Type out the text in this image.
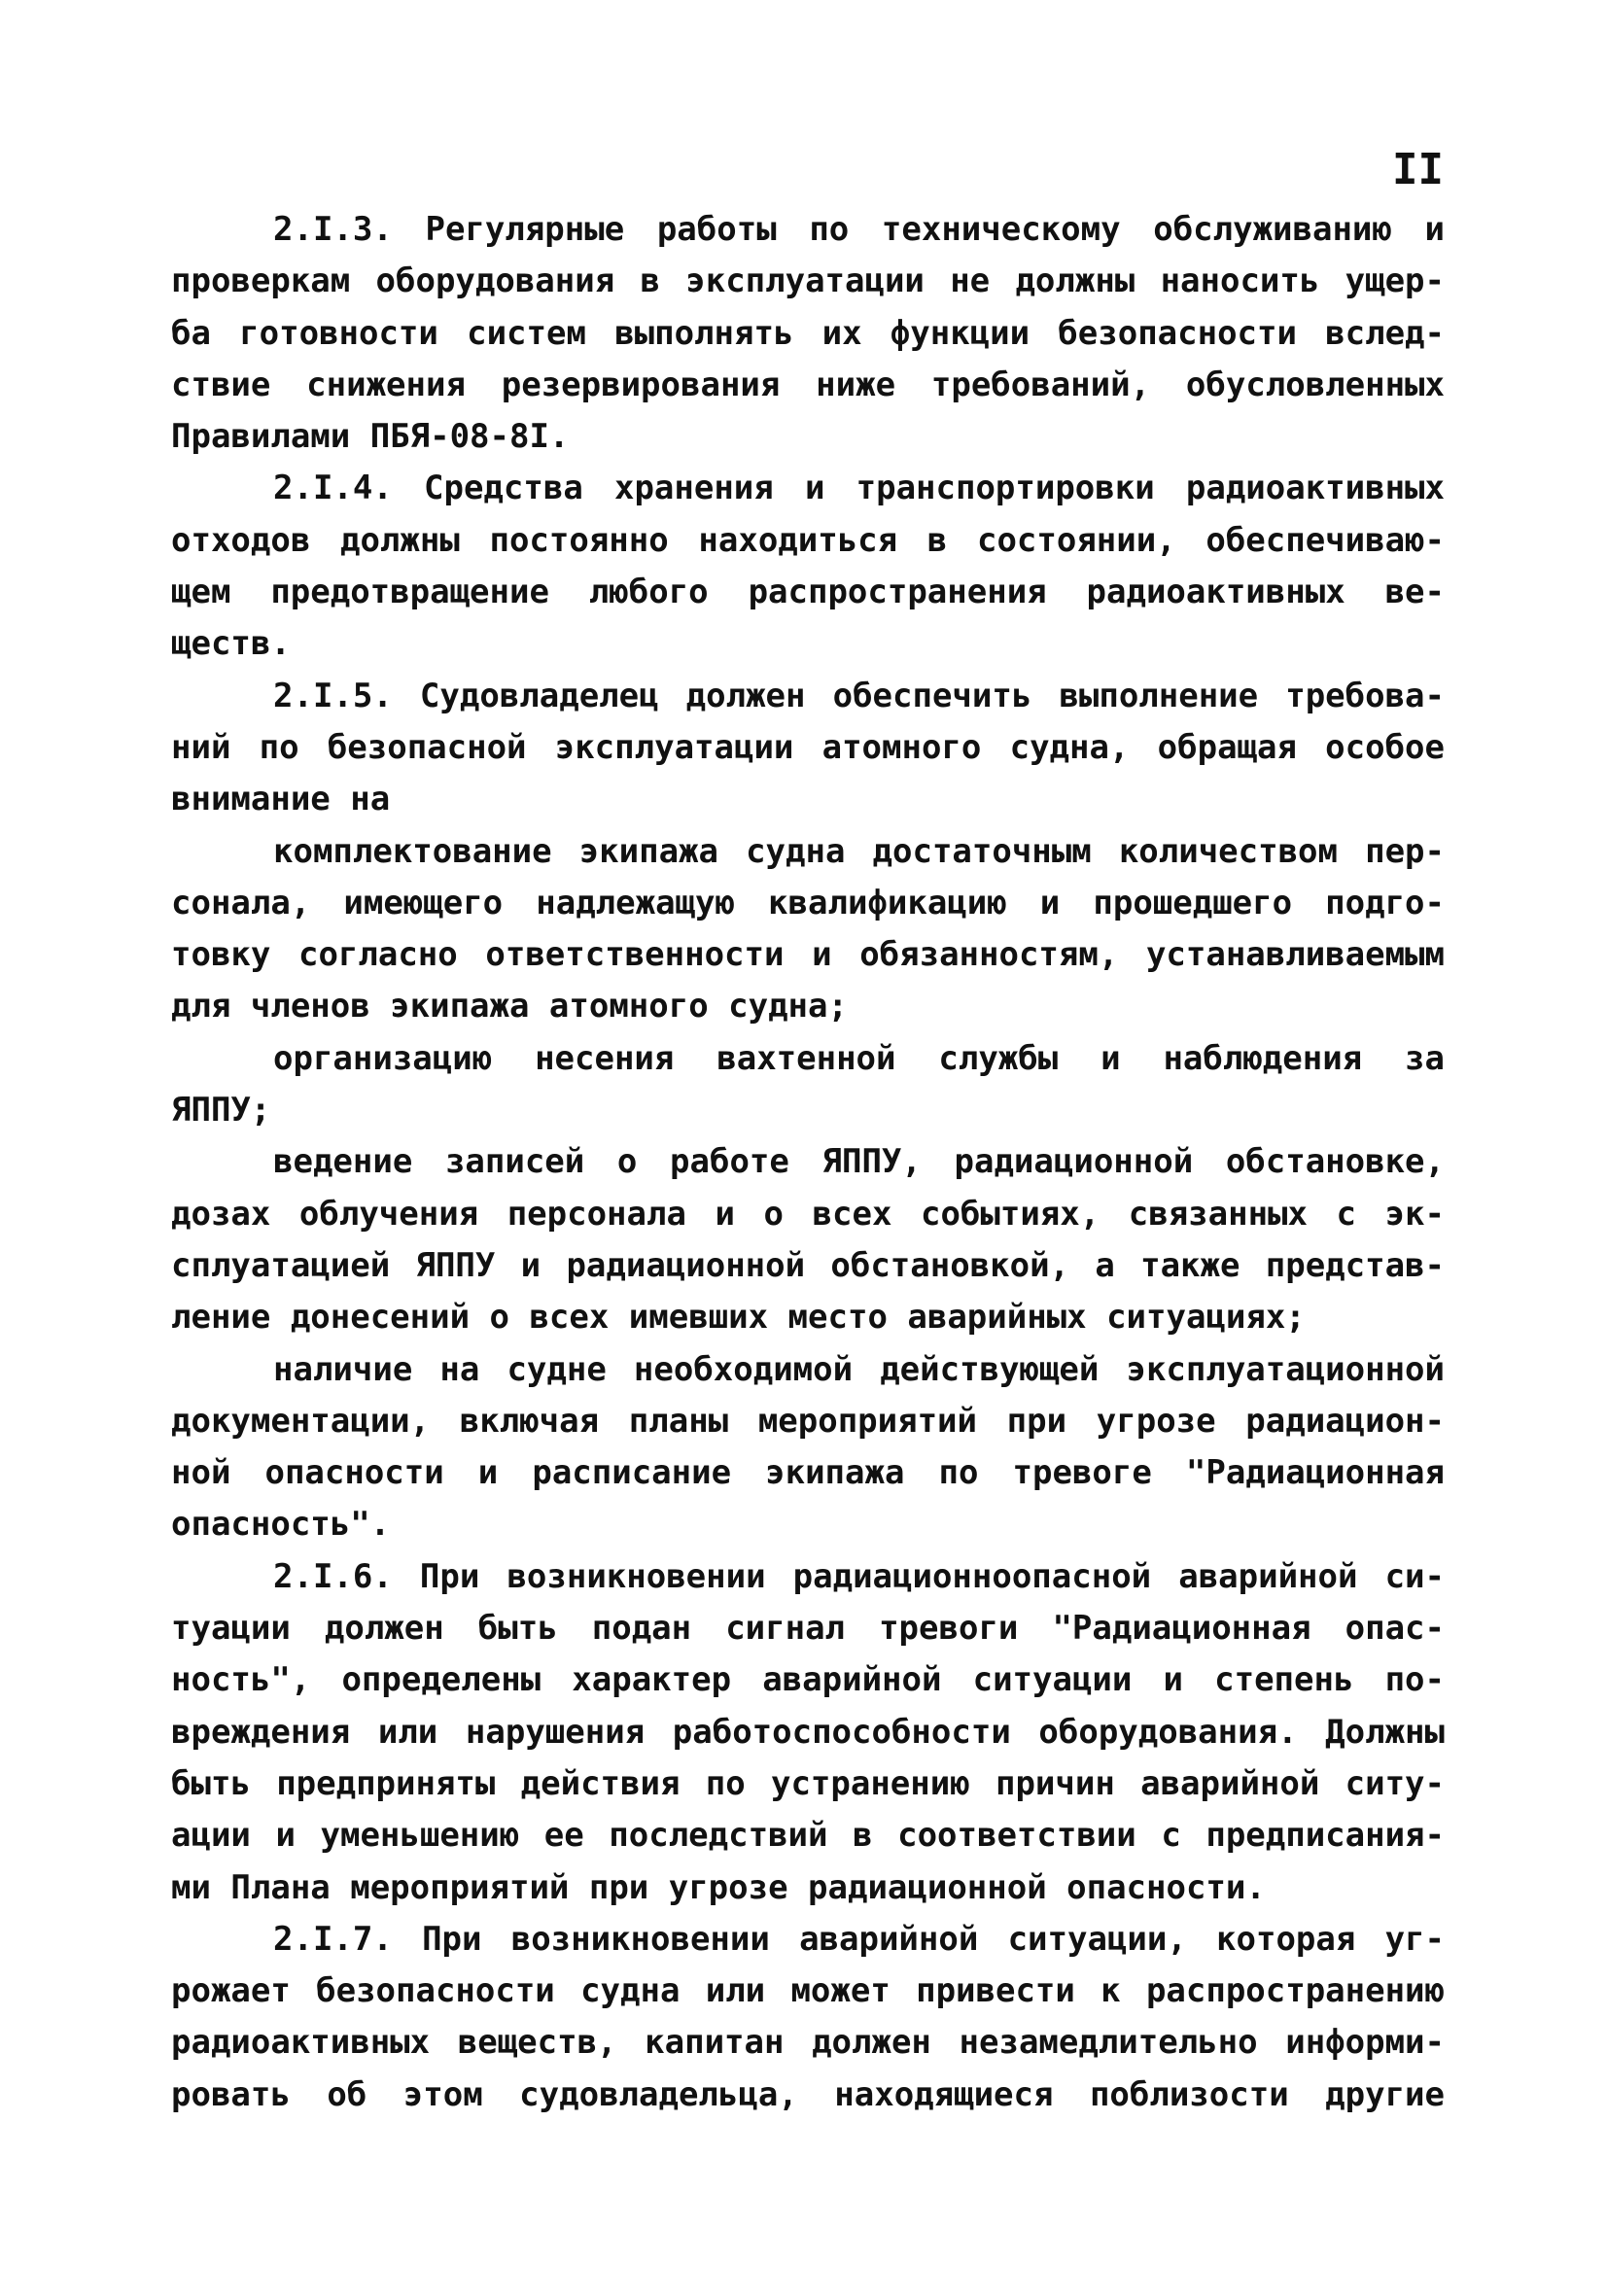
II
2.I.3. Регулярные работы по техническому обслуживанию и
проверкам оборудования в эксплуатации не должны наносить ущер-
ба готовности систем выполнять их функции безопасности вслед-
ствие снижения резервирования ниже требований, обусловленных
Правилами ПБЯ-08-8I.
2.I.4. Средства хранения и транспортировки радиоактивных
отходов должны постоянно находиться в состоянии, обеспечиваю-
щем предотвращение любого распространения радиоактивных ве-
ществ.
2.I.5. Судовладелец должен обеспечить выполнение требова-
ний по безопасной эксплуатации атомного судна, обращая особое
внимание на
комплектование экипажа судна достаточным количеством пер-
сонала, имеющего надлежащую квалификацию и прошедшего подго-
товку согласно ответственности и обязанностям, устанавливаемым
для членов экипажа атомного судна;
организацию несения вахтенной службы и наблюдения за
ЯППУ;
ведение записей о работе ЯППУ, радиационной обстановке,
дозах облучения персонала и о всех событиях, связанных с эк-
сплуатацией ЯППУ и радиационной обстановкой, а также представ-
ление донесений о всех имевших место аварийных ситуациях;
наличие на судне необходимой действующей эксплуатационной
документации, включая планы мероприятий при угрозе радиацион-
ной опасности и расписание экипажа по тревоге "Радиационная
опасность".
2.I.6. При возникновении радиационноопасной аварийной си-
туации должен быть подан сигнал тревоги "Радиационная опас-
ность", определены характер аварийной ситуации и степень по-
вреждения или нарушения работоспособности оборудования. Должны
быть предприняты действия по устранению причин аварийной ситу-
ации и уменьшению ее последствий в соответствии с предписания-
ми Плана мероприятий при угрозе радиационной опасности.
2.I.7. При возникновении аварийной ситуации, которая уг-
рожает безопасности судна или может привести к распространению
радиоактивных веществ, капитан должен незамедлительно информи-
ровать об этом судовладельца, находящиеся поблизости другие
